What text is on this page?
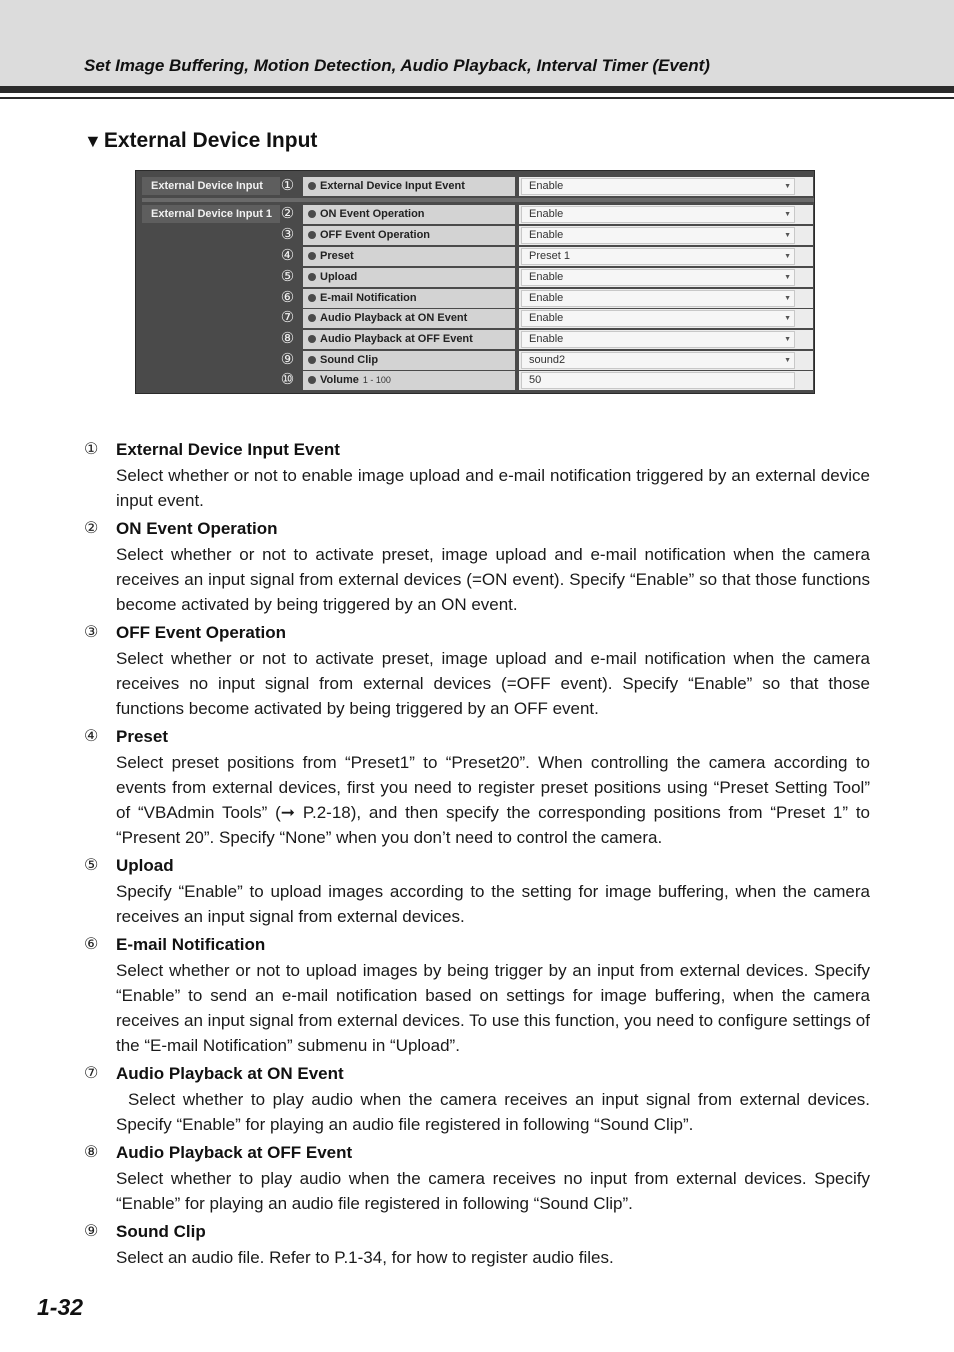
Set Image Buffering, Motion Detection, Audio Playback, Interval Timer (Event)
▼External Device Input
External Device Input
External Device Input 1
①	External Device Input Event	Enable	▼
②	ON Event Operation	Enable	▼
③	OFF Event Operation	Enable	▼
④	Preset	Preset 1	▼
⑤	Upload	Enable	▼
⑥	E-mail Notification	Enable	▼
⑦	Audio Playback at ON Event	Enable	▼
⑧	Audio Playback at OFF Event	Enable	▼
⑨	Sound Clip	sound2	▼
⑩	Volume 1 - 100	50
① External Device Input Event
Select whether or not to enable image upload and e-mail notification triggered by an external device input event.
② ON Event Operation
Select whether or not to activate preset, image upload and e-mail notification when the camera receives an input signal from external devices (=ON event). Specify “Enable” so that those functions become activated by being triggered by an ON event.
③ OFF Event Operation
Select whether or not to activate preset, image upload and e-mail notification when the camera receives no input signal from external devices (=OFF event). Specify “Enable” so that those functions become activated by being triggered by an OFF event.
④ Preset
Select preset positions from “Preset1” to “Preset20”. When controlling the camera according to events from external devices, first you need to register preset positions using “Preset Setting Tool” of “VBAdmin Tools” (➞ P.2-18), and then specify the corresponding positions from “Preset 1” to “Present 20”. Specify “None” when you don’t need to control the camera.
⑤ Upload
Specify “Enable” to upload images according to the setting for image buffering, when the camera receives an input signal from external devices.
⑥ E-mail Notification
Select whether or not to upload images by being trigger by an input from external devices. Specify “Enable” to send an e-mail notification based on settings for image buffering, when the camera receives an input signal from external devices. To use this function, you need to configure settings of the “E-mail Notification” submenu in “Upload”.
⑦ Audio Playback at ON Event
Select whether to play audio when the camera receives an input signal from external devices. Specify “Enable” for playing an audio file registered in following “Sound Clip”.
⑧ Audio Playback at OFF Event
Select whether to play audio when the camera receives no input from external devices. Specify “Enable” for playing an audio file registered in following “Sound Clip”.
⑨ Sound Clip
Select an audio file. Refer to P.1-34, for how to register audio files.
1-32
